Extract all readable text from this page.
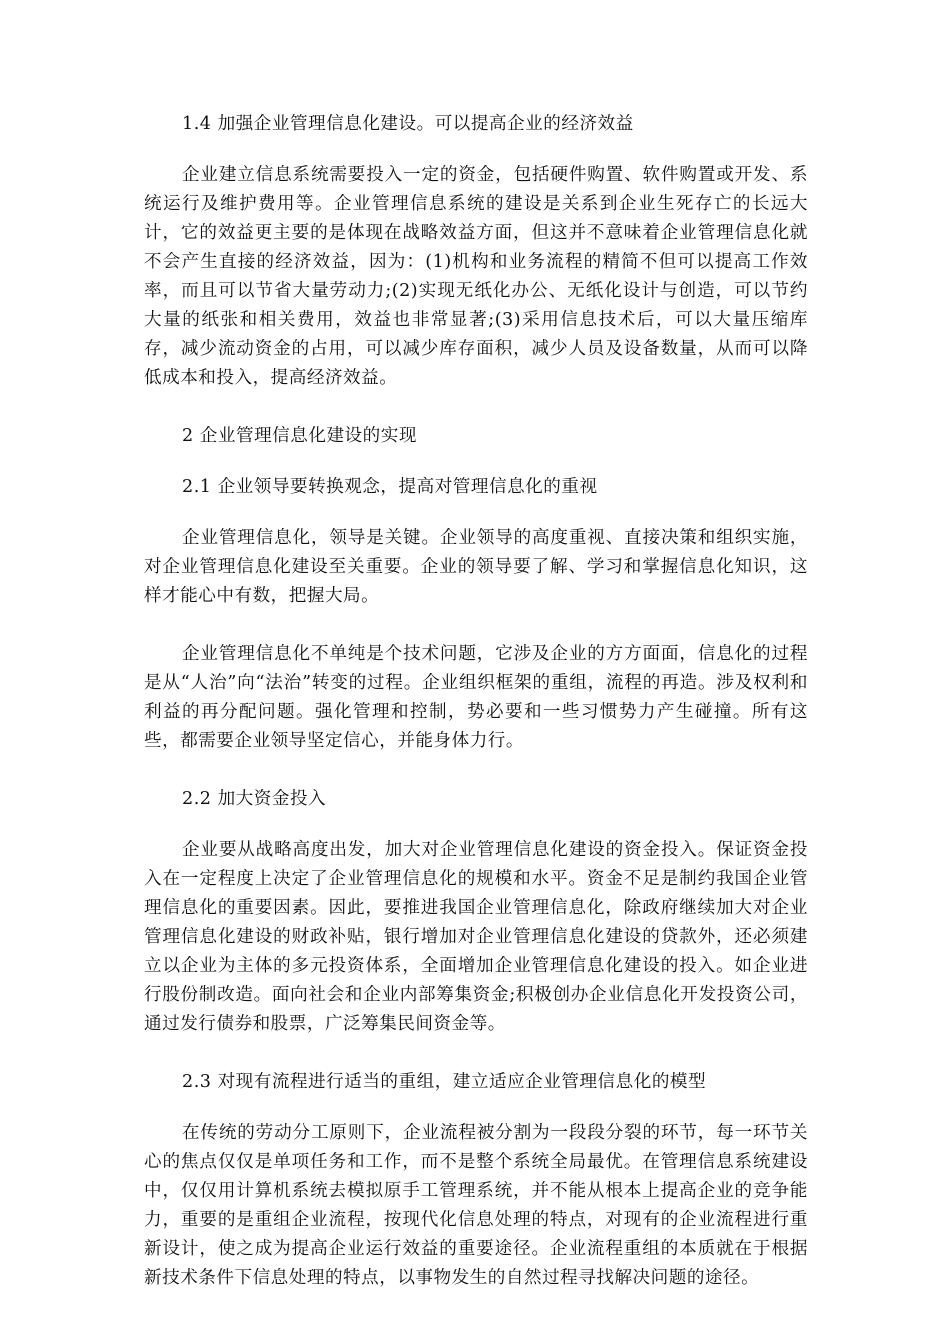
1.4 加强企业管理信息化建设。可以提高企业的经济效益

企业建立信息系统需要投入一定的资金，包括硬件购置、软件购置或开发、系统运行及维护费用等。企业管理信息系统的建设是关系到企业生死存亡的长远大计，它的效益更主要的是体现在战略效益方面，但这并不意味着企业管理信息化就不会产生直接的经济效益，因为：(1)机构和业务流程的精简不但可以提高工作效率，而且可以节省大量劳动力;(2)实现无纸化办公、无纸化设计与创造，可以节约大量的纸张和相关费用，效益也非常显著;(3)采用信息技术后，可以大量压缩库存，减少流动资金的占用，可以减少库存面积，减少人员及设备数量，从而可以降低成本和投入，提高经济效益。

2 企业管理信息化建设的实现

2.1 企业领导要转换观念，提高对管理信息化的重视

企业管理信息化，领导是关键。企业领导的高度重视、直接决策和组织实施，对企业管理信息化建设至关重要。企业的领导要了解、学习和掌握信息化知识，这样才能心中有数，把握大局。

企业管理信息化不单纯是个技术问题，它涉及企业的方方面面，信息化的过程是从“人治”向“法治”转变的过程。企业组织框架的重组，流程的再造。涉及权利和利益的再分配问题。强化管理和控制，势必要和一些习惯势力产生碰撞。所有这些，都需要企业领导坚定信心，并能身体力行。

2.2 加大资金投入

企业要从战略高度出发，加大对企业管理信息化建设的资金投入。保证资金投入在一定程度上决定了企业管理信息化的规模和水平。资金不足是制约我国企业管理信息化的重要因素。因此，要推进我国企业管理信息化，除政府继续加大对企业管理信息化建设的财政补贴，银行增加对企业管理信息化建设的贷款外，还必须建立以企业为主体的多元投资体系，全面增加企业管理信息化建设的投入。如企业进行股份制改造。面向社会和企业内部筹集资金;积极创办企业信息化开发投资公司，通过发行债券和股票，广泛筹集民间资金等。

2.3 对现有流程进行适当的重组，建立适应企业管理信息化的模型

在传统的劳动分工原则下，企业流程被分割为一段段分裂的环节，每一环节关心的焦点仅仅是单项任务和工作，而不是整个系统全局最优。在管理信息系统建设中，仅仅用计算机系统去模拟原手工管理系统，并不能从根本上提高企业的竞争能力，重要的是重组企业流程，按现代化信息处理的特点，对现有的企业流程进行重新设计，使之成为提高企业运行效益的重要途径。企业流程重组的本质就在于根据新技术条件下信息处理的特点，以事物发生的自然过程寻找解决问题的途径。
